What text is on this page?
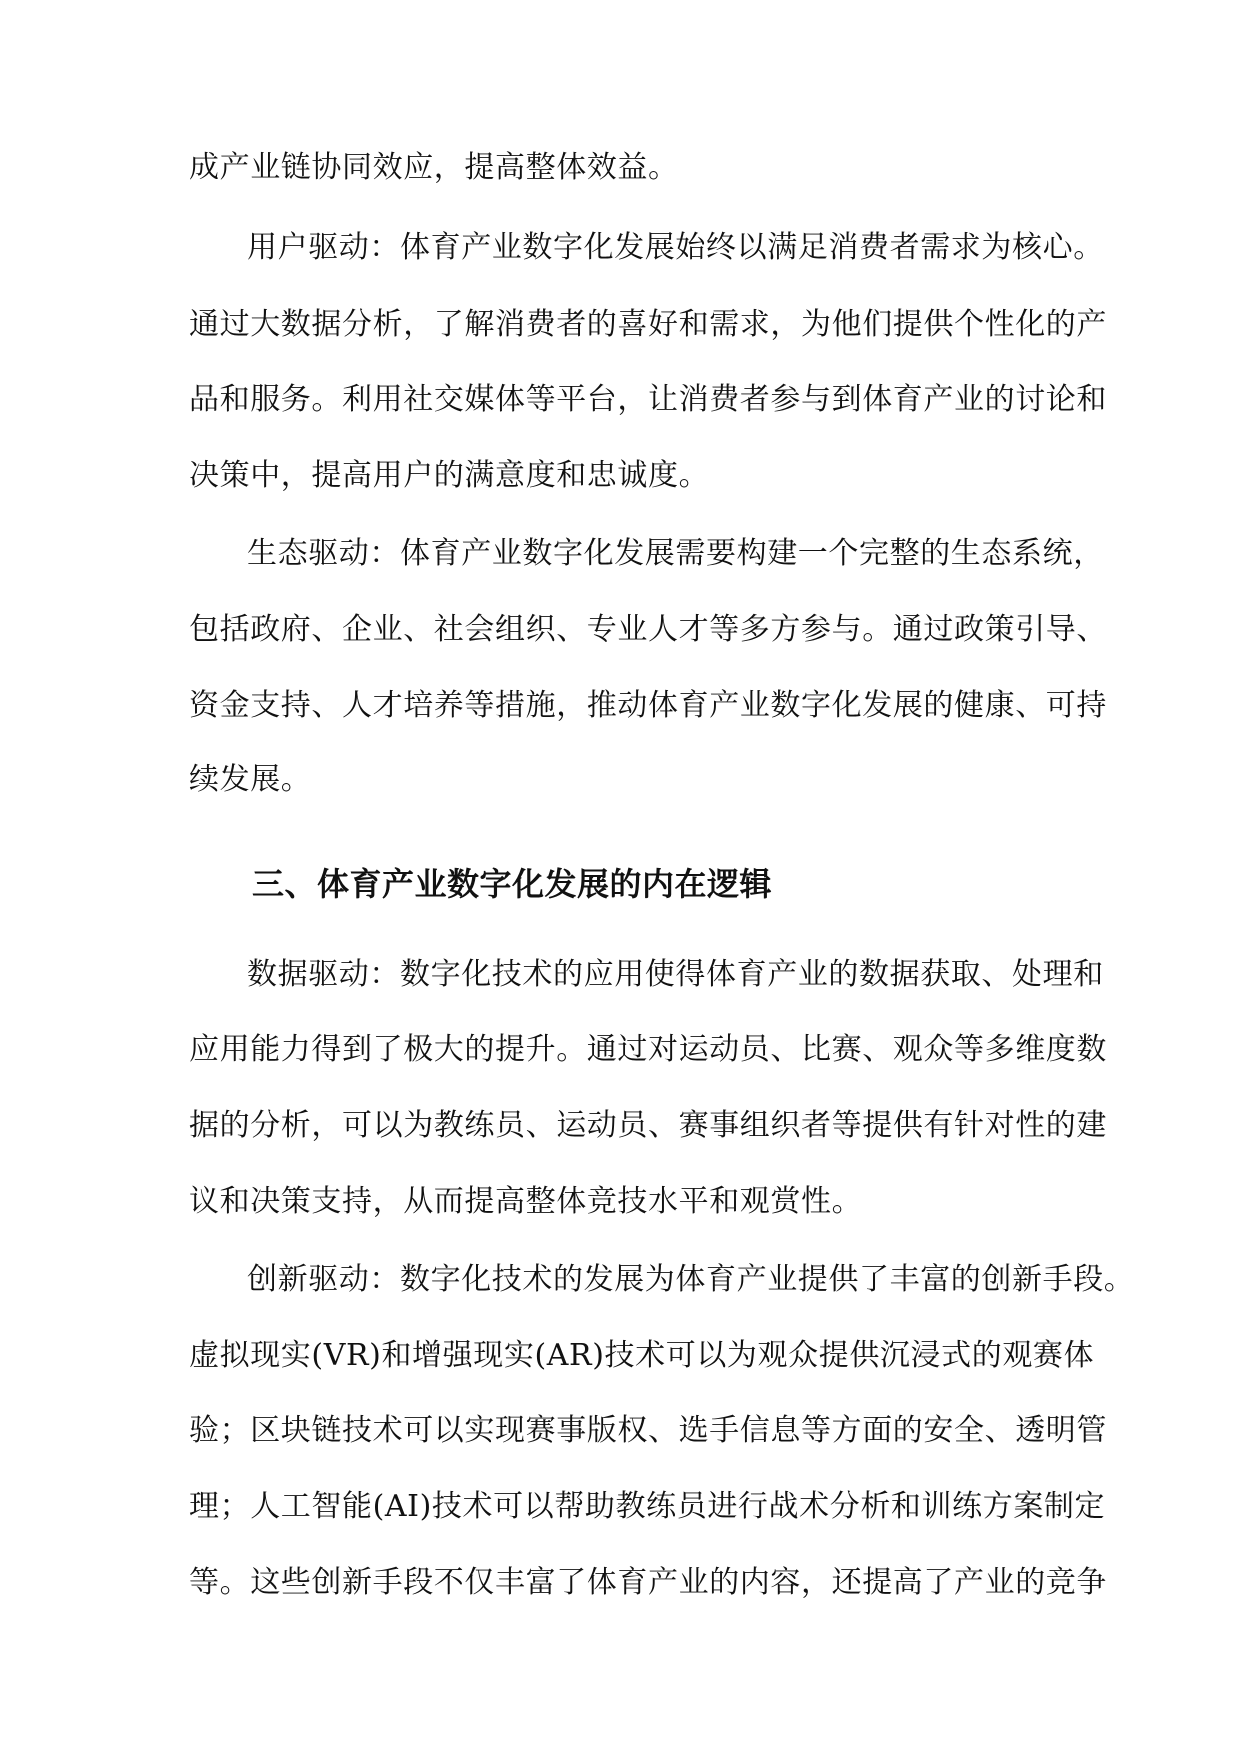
成产业链协同效应，提高整体效益。
用户驱动：体育产业数字化发展始终以满足消费者需求为核心。
通过大数据分析，了解消费者的喜好和需求，为他们提供个性化的产
品和服务。利用社交媒体等平台，让消费者参与到体育产业的讨论和
决策中，提高用户的满意度和忠诚度。
生态驱动：体育产业数字化发展需要构建一个完整的生态系统，
包括政府、企业、社会组织、专业人才等多方参与。通过政策引导、
资金支持、人才培养等措施，推动体育产业数字化发展的健康、可持
续发展。
三、体育产业数字化发展的内在逻辑
数据驱动：数字化技术的应用使得体育产业的数据获取、处理和
应用能力得到了极大的提升。通过对运动员、比赛、观众等多维度数
据的分析，可以为教练员、运动员、赛事组织者等提供有针对性的建
议和决策支持，从而提高整体竞技水平和观赏性。
创新驱动：数字化技术的发展为体育产业提供了丰富的创新手段。
虚拟现实(VR)和增强现实(AR)技术可以为观众提供沉浸式的观赛体
验；区块链技术可以实现赛事版权、选手信息等方面的安全、透明管
理；人工智能(AI)技术可以帮助教练员进行战术分析和训练方案制定
等。这些创新手段不仅丰富了体育产业的内容，还提高了产业的竞争
